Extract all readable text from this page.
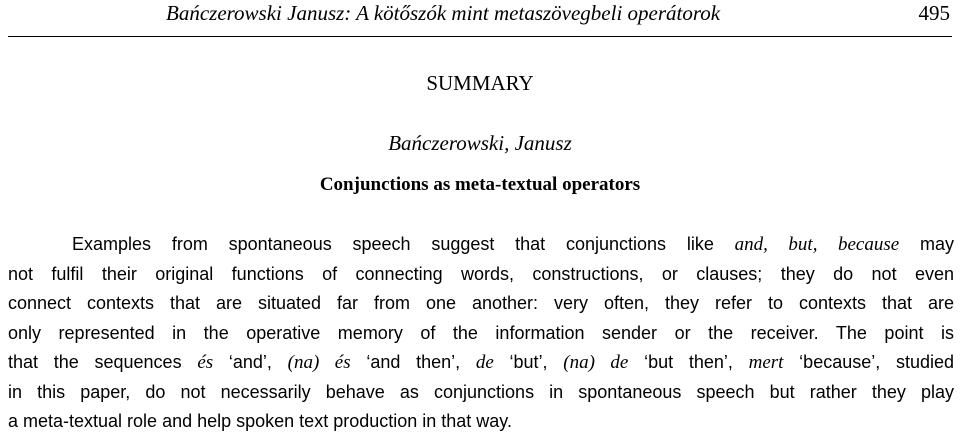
Bańczerowski Janusz: A kötőszók mint metaszövegbeli operátorok	495
SUMMARY
Bańczerowski, Janusz
Conjunctions as meta-textual operators
Examples from spontaneous speech suggest that conjunctions like and, but, because may
not fulfil their original functions of connecting words, constructions, or clauses; they do not even
connect contexts that are situated far from one another: very often, they refer to contexts that are
only represented in the operative memory of the information sender or the receiver. The point is
that the sequences és ‘and’, (na) és ‘and then’, de ‘but’, (na) de ‘but then’, mert ‘because’, studied
in this paper, do not necessarily behave as conjunctions in spontaneous speech but rather they play
a meta-textual role and help spoken text production in that way.
